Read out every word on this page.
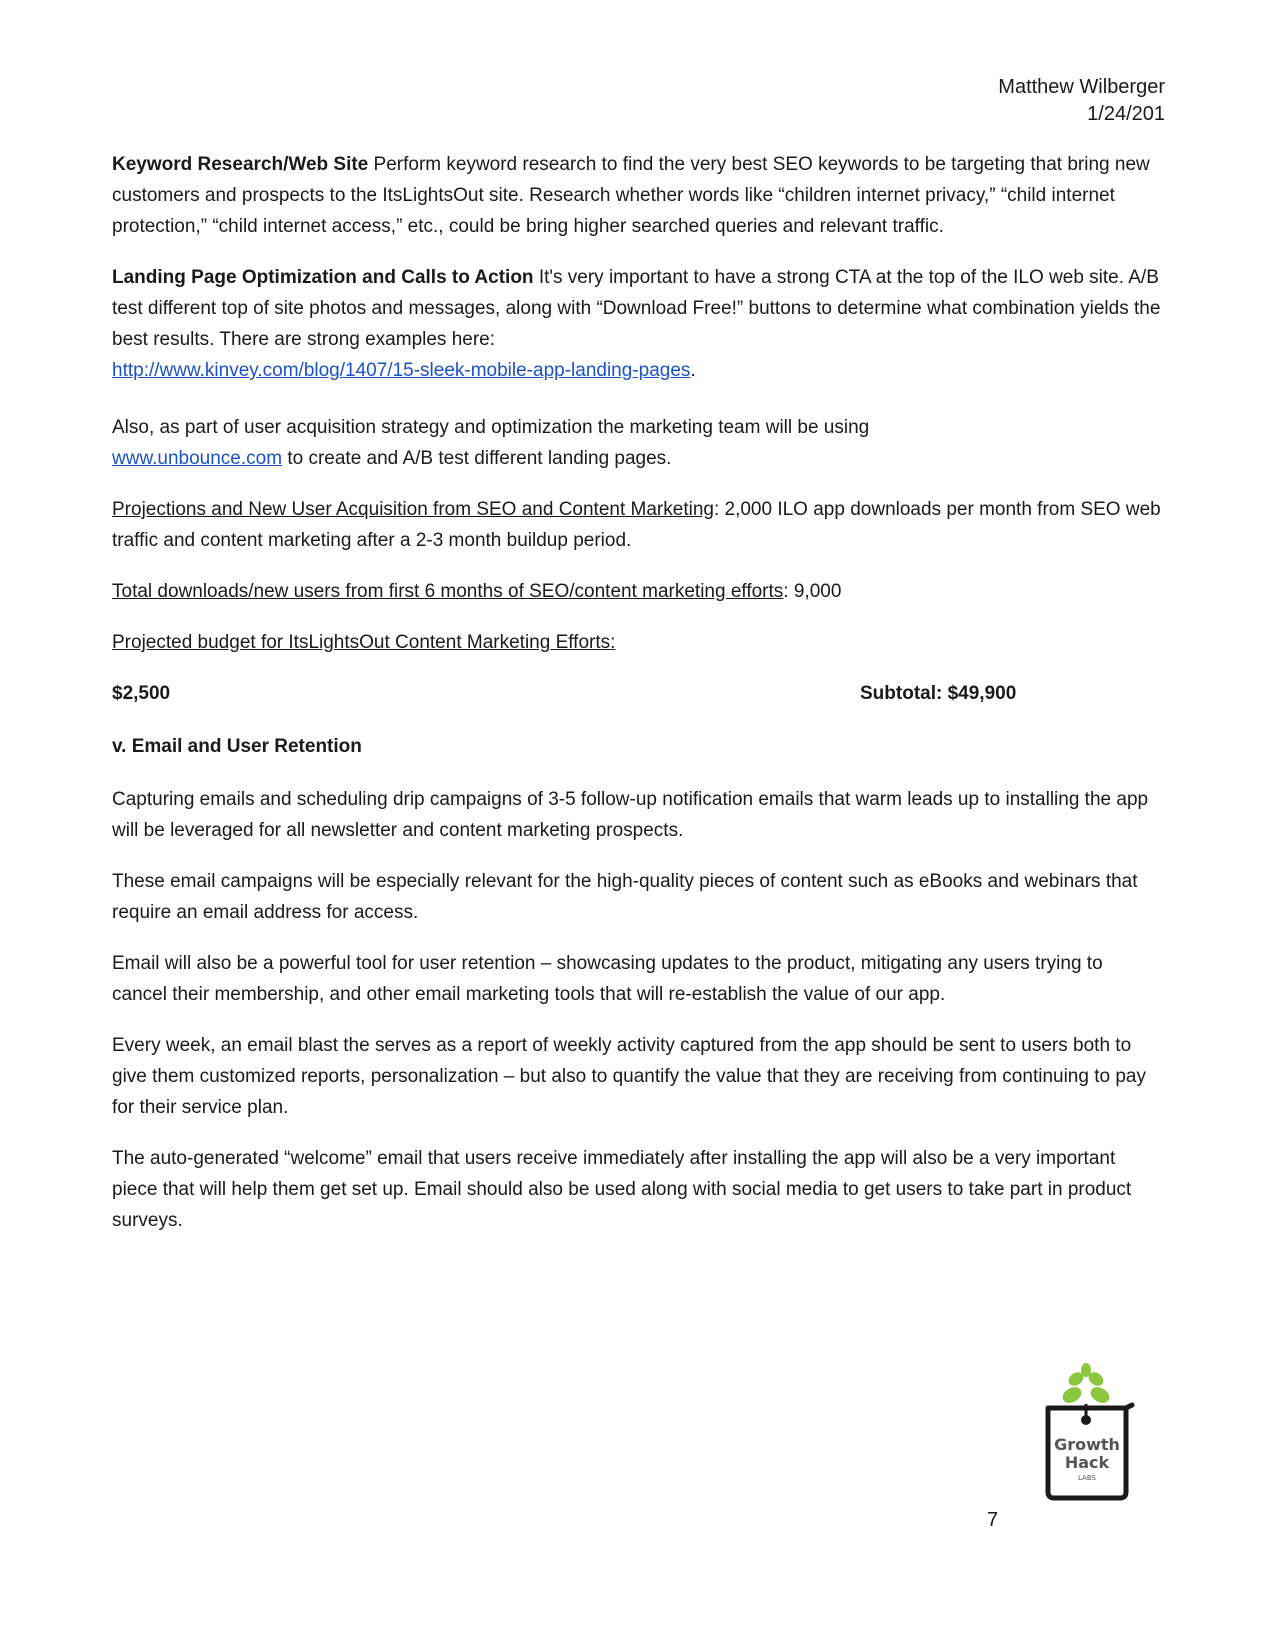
Matthew Wilberger
1/24/201

Keyword Research/Web Site Perform keyword research to find the very best SEO keywords to be targeting that bring new customers and prospects to the ItsLightsOut site. Research whether words like “children internet privacy,” “child internet protection,” “child internet access,” etc., could be bring higher searched queries and relevant traffic.

Landing Page Optimization and Calls to Action It's very important to have a strong CTA at the top of the ILO web site. A/B test different top of site photos and messages, along with “Download Free!” buttons to determine what combination yields the best results. There are strong examples here:
http://www.kinvey.com/blog/1407/15-sleek-mobile-app-landing-pages.

Also, as part of user acquisition strategy and optimization the marketing team will be using
www.unbounce.com to create and A/B test different landing pages.

Projections and New User Acquisition from SEO and Content Marketing: 2,000 ILO app downloads per month from SEO web traffic and content marketing after a 2-3 month buildup period.

Total downloads/new users from first 6 months of SEO/content marketing efforts: 9,000

Projected budget for ItsLightsOut Content Marketing Efforts:

$2,500	Subtotal: $49,900
v. Email and User Retention

Capturing emails and scheduling drip campaigns of 3-5 follow-up notification emails that warm leads up to installing the app will be leveraged for all newsletter and content marketing prospects.

These email campaigns will be especially relevant for the high-quality pieces of content such as eBooks and webinars that require an email address for access.

Email will also be a powerful tool for user retention – showcasing updates to the product, mitigating any users trying to cancel their membership, and other email marketing tools that will re-establish the value of our app.

Every week, an email blast the serves as a report of weekly activity captured from the app should be sent to users both to give them customized reports, personalization – but also to quantify the value that they are receiving from continuing to pay for their service plan.

The auto-generated “welcome” email that users receive immediately after installing the app will also be a very important piece that will help them get set up. Email should also be used along with social media to get users to take part in product surveys.

Growth
Hack
LABS
7
